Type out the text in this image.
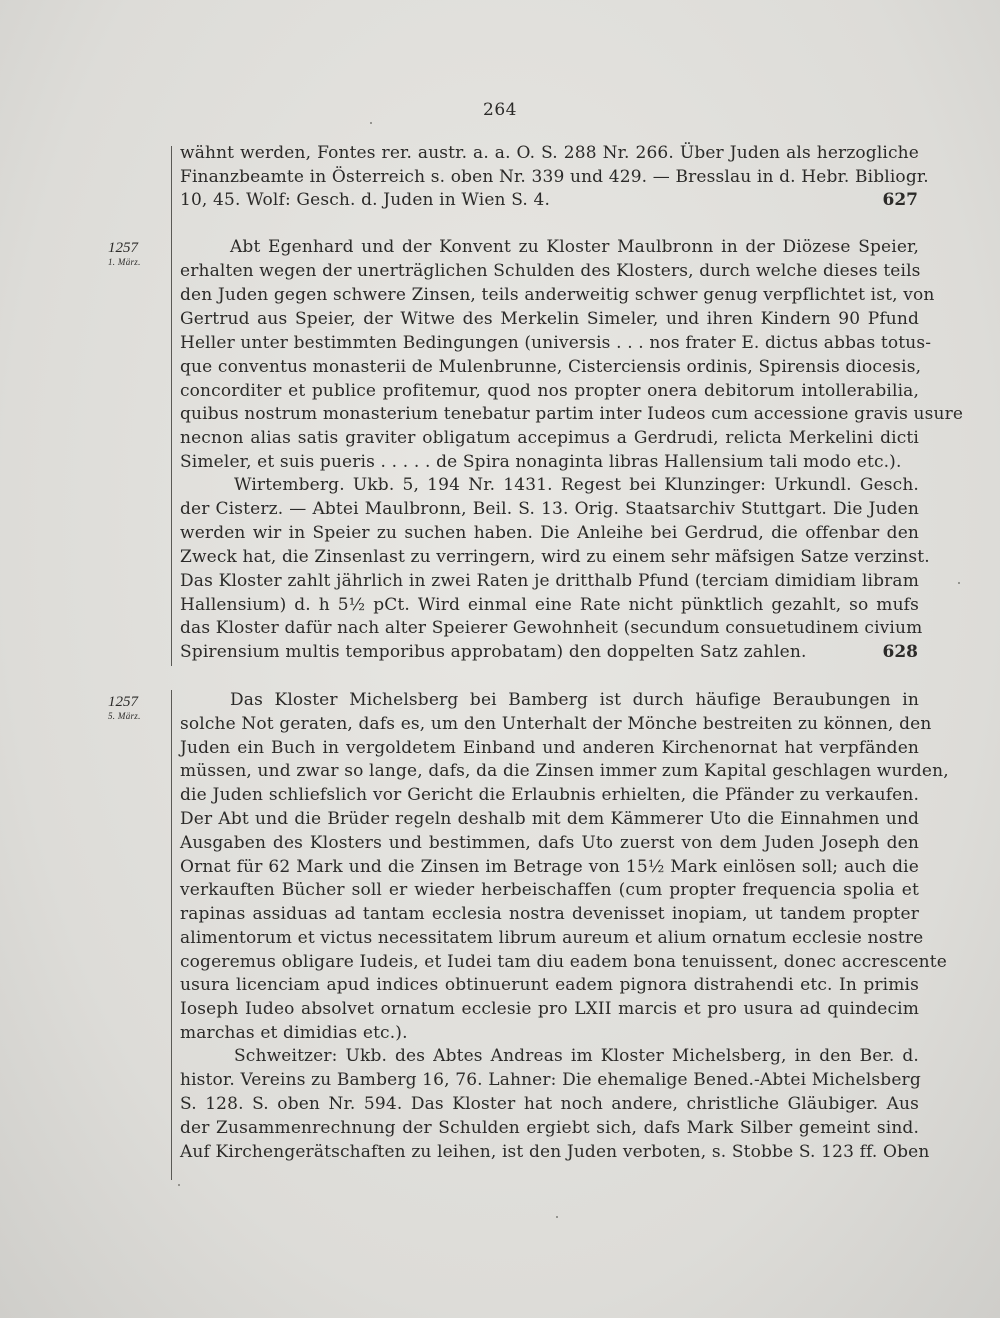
264
1257
1. März.
1257
5. März.
wähnt werden, Fontes rer. austr. a. a. O. S. 288 Nr. 266. Über Juden als herzogliche
Finanzbeamte in Österreich s. oben Nr. 339 und 429. — Bresslau in d. Hebr. Bibliogr.
10, 45. Wolf: Gesch. d. Juden in Wien S. 4.	627
Abt Egenhard und der Konvent zu Kloster Maulbronn in der Diözese Speier,
erhalten wegen der unerträglichen Schulden des Klosters, durch welche dieses teils
den Juden gegen schwere Zinsen, teils anderweitig schwer genug verpflichtet ist, von
Gertrud aus Speier, der Witwe des Merkelin Simeler, und ihren Kindern 90 Pfund
Heller unter bestimmten Bedingungen (universis . . . nos frater E. dictus abbas totus-
que conventus monasterii de Mulenbrunne, Cisterciensis ordinis, Spirensis diocesis,
concorditer et publice profitemur, quod nos propter onera debitorum intollerabilia,
quibus nostrum monasterium tenebatur partim inter Iudeos cum accessione gravis usure
necnon alias satis graviter obligatum accepimus a Gerdrudi, relicta Merkelini dicti
Simeler, et suis pueris . . . . . de Spira nonaginta libras Hallensium tali modo etc.).
Wirtemberg. Ukb. 5, 194 Nr. 1431. Regest bei Klunzinger: Urkundl. Gesch.
der Cisterz. — Abtei Maulbronn, Beil. S. 13. Orig. Staatsarchiv Stuttgart. Die Juden
werden wir in Speier zu suchen haben. Die Anleihe bei Gerdrud, die offenbar den
Zweck hat, die Zinsenlast zu verringern, wird zu einem sehr mäfsigen Satze verzinst.
Das Kloster zahlt jährlich in zwei Raten je dritthalb Pfund (terciam dimidiam libram
Hallensium) d. h 5½ pCt. Wird einmal eine Rate nicht pünktlich gezahlt, so mufs
das Kloster dafür nach alter Speierer Gewohnheit (secundum consuetudinem civium
Spirensium multis temporibus approbatam) den doppelten Satz zahlen.	628
Das Kloster Michelsberg bei Bamberg ist durch häufige Beraubungen in
solche Not geraten, dafs es, um den Unterhalt der Mönche bestreiten zu können, den
Juden ein Buch in vergoldetem Einband und anderen Kirchenornat hat verpfänden
müssen, und zwar so lange, dafs, da die Zinsen immer zum Kapital geschlagen wurden,
die Juden schliefslich vor Gericht die Erlaubnis erhielten, die Pfänder zu verkaufen.
Der Abt und die Brüder regeln deshalb mit dem Kämmerer Uto die Einnahmen und
Ausgaben des Klosters und bestimmen, dafs Uto zuerst von dem Juden Joseph den
Ornat für 62 Mark und die Zinsen im Betrage von 15½ Mark einlösen soll; auch die
verkauften Bücher soll er wieder herbeischaffen (cum propter frequencia spolia et
rapinas assiduas ad tantam ecclesia nostra devenisset inopiam, ut tandem propter
alimentorum et victus necessitatem librum aureum et alium ornatum ecclesie nostre
cogeremus obligare Iudeis, et Iudei tam diu eadem bona tenuissent, donec accrescente
usura licenciam apud indices obtinuerunt eadem pignora distrahendi etc. In primis
Ioseph Iudeo absolvet ornatum ecclesie pro LXII marcis et pro usura ad quindecim
marchas et dimidias etc.).
Schweitzer: Ukb. des Abtes Andreas im Kloster Michelsberg, in den Ber. d.
histor. Vereins zu Bamberg 16, 76. Lahner: Die ehemalige Bened.-Abtei Michelsberg
S. 128. S. oben Nr. 594. Das Kloster hat noch andere, christliche Gläubiger. Aus
der Zusammenrechnung der Schulden ergiebt sich, dafs Mark Silber gemeint sind.
Auf Kirchengerätschaften zu leihen, ist den Juden verboten, s. Stobbe S. 123 ff. Oben
